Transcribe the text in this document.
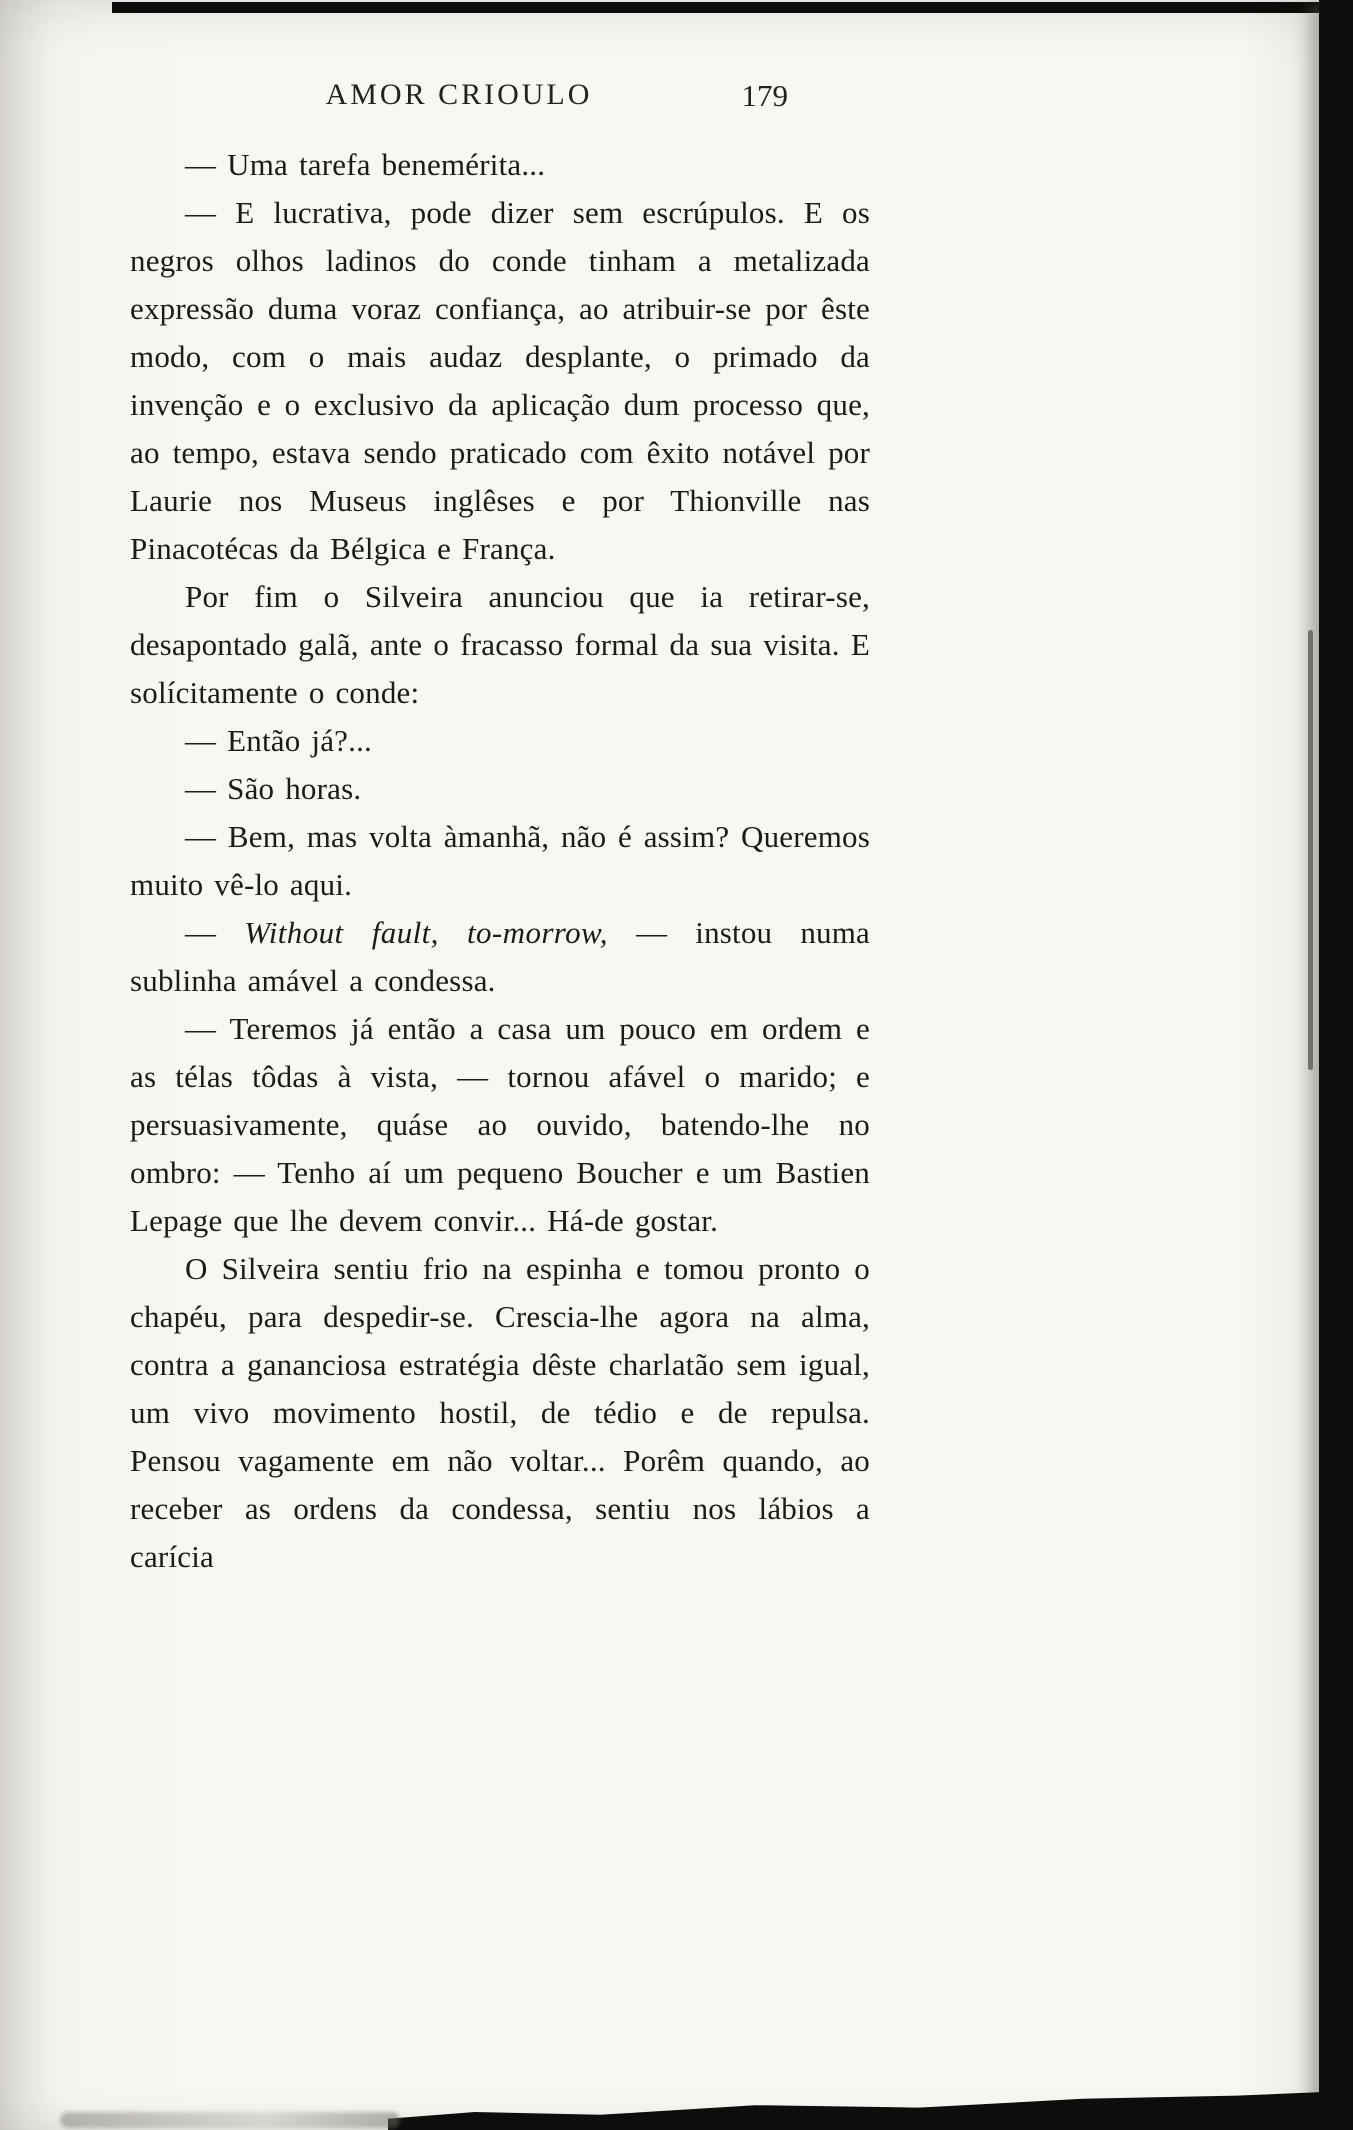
AMOR CRIOULO	179

— Uma tarefa benemérita...

— E lucrativa, pode dizer sem escrúpulos. E os negros olhos ladinos do conde tinham a metalizada expressão duma voraz confiança, ao atribuir-se por êste modo, com o mais audaz desplante, o primado da invenção e o exclusivo da aplicação dum processo que, ao tempo, estava sendo praticado com êxito notável por Laurie nos Museus inglêses e por Thionville nas Pinacotécas da Bélgica e França.

Por fim o Silveira anunciou que ia retirar-se, desapontado galã, ante o fracasso formal da sua visita. E solícitamente o conde:

— Então já?...

— São horas.

— Bem, mas volta àmanhã, não é assim? Queremos muito vê-lo aqui.

— Without fault, to-morrow, — instou numa sublinha amável a condessa.

— Teremos já então a casa um pouco em ordem e as télas tôdas à vista, — tornou afável o marido; e persuasivamente, quáse ao ouvido, batendo-lhe no ombro: — Tenho aí um pequeno Boucher e um Bastien Lepage que lhe devem convir... Há-de gostar.

O Silveira sentiu frio na espinha e tomou pronto o chapéu, para despedir-se. Crescia-lhe agora na alma, contra a gananciosa estratégia dêste charlatão sem igual, um vivo movimento hostil, de tédio e de repulsa. Pensou vagamente em não voltar... Porêm quando, ao receber as ordens da condessa, sentiu nos lábios a carícia
